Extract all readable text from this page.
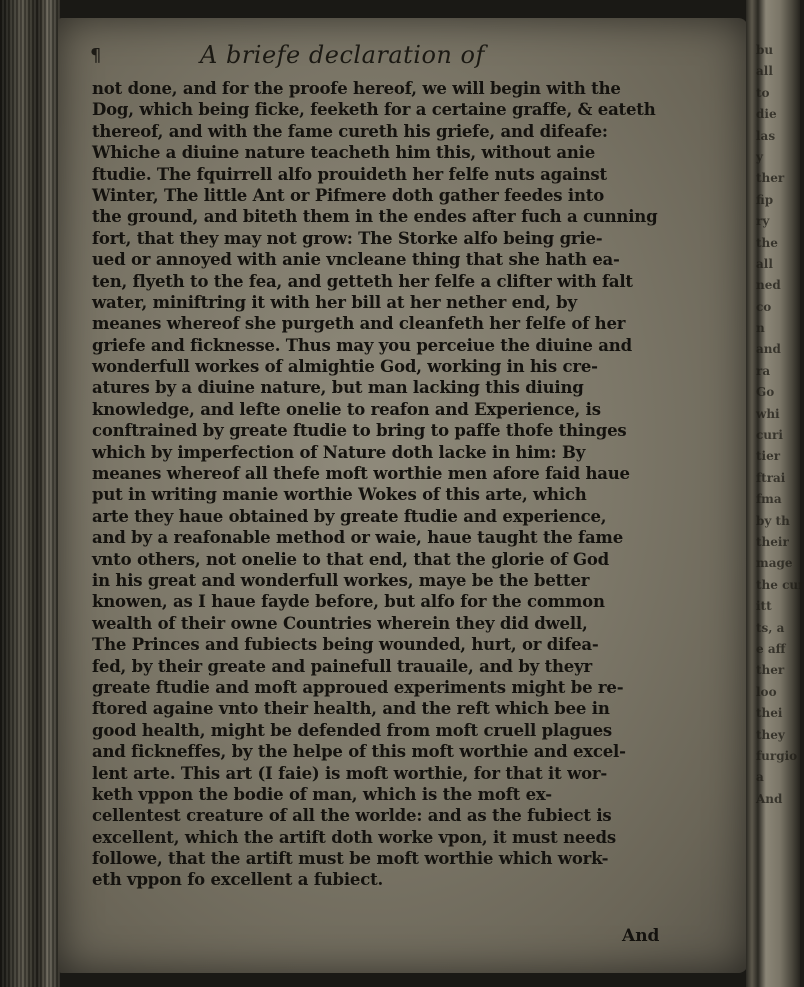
bu
all
to
die
las
y
ther
fip
ry
the
all
ned
co
n
and
ra
Go
whi
curi
tier
ftrai
fma
by th
their
mage
the cur
itt
ts, a
e aff
ther
loo
thei
they
furgio
a
And
¶	A briefe declaration of
not done, and for the proofe hereof, we will begin with the
Dog, which being ficke, feeketh for a certaine graffe, & eateth
thereof, and with the fame cureth his griefe, and difeafe:
Whiche a diuine nature teacheth him this, without anie
ftudie. The fquirrell alfo prouideth her felfe nuts against
Winter, The little Ant or Pifmere doth gather feedes into
the ground, and biteth them in the endes after fuch a cunning
fort, that they may not grow: The Storke alfo being grie-
ued or annoyed with anie vncleane thing that she hath ea-
ten, flyeth to the fea, and getteth her felfe a clifter with falt
water, miniftring it with her bill at her nether end, by
meanes whereof she purgeth and cleanfeth her felfe of her
griefe and ficknesse. Thus may you perceiue the diuine and
wonderfull workes of almightie God, working in his cre-
atures by a diuine nature, but man lacking this diuing
knowledge, and lefte onelie to reafon and Experience, is
conftrained by greate ftudie to bring to paffe thofe thinges
which by imperfection of Nature doth lacke in him: By
meanes whereof all thefe moft worthie men afore faid haue
put in writing manie worthie Wokes of this arte, which
arte they haue obtained by greate ftudie and experience,
and by a reafonable method or waie, haue taught the fame
vnto others, not onelie to that end, that the glorie of God
in his great and wonderfull workes, maye be the better
knowen, as I haue fayde before, but alfo for the common
wealth of their owne Countries wherein they did dwell,
The Princes and fubiects being wounded, hurt, or difea-
fed, by their greate and painefull trauaile, and by theyr
greate ftudie and moft approued experiments might be re-
ftored againe vnto their health, and the reft which bee in
good health, might be defended from moft cruell plagues
and fickneffes, by the helpe of this moft worthie and excel-
lent arte. This art (I faie) is moft worthie, for that it wor-
keth vppon the bodie of man, which is the moft ex-
cellentest creature of all the worlde: and as the fubiect is
excellent, which the artift doth worke vpon, it must needs
followe, that the artift must be moft worthie which work-
eth vppon fo excellent a fubiect.
And
